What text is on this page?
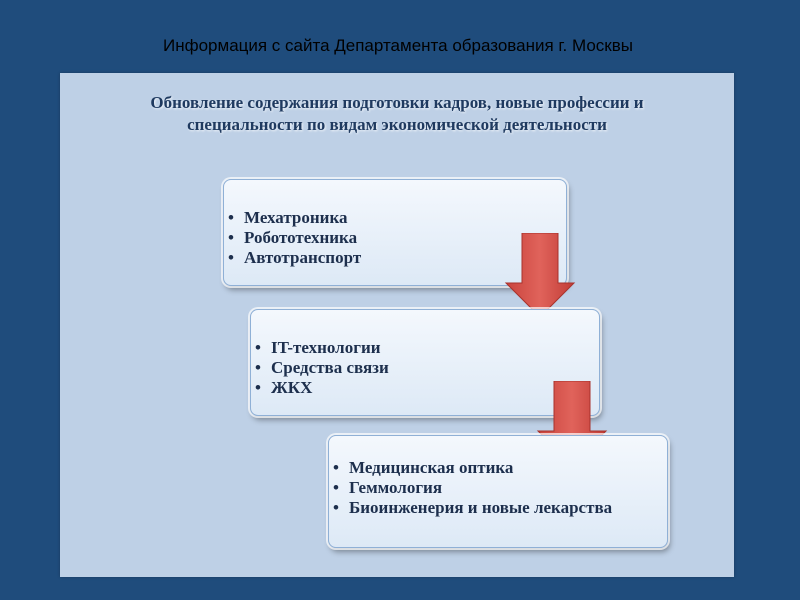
Информация с сайта Департамента образования г. Москвы
Обновление содержания подготовки кадров, новые профессии и
специальности по видам экономической деятельности
• Мехатроника
• Робототехника
• Автотранспорт
• IT-технологии
• Средства связи
• ЖКХ
• Медицинская оптика
• Геммология
• Биоинженерия и новые лекарства
